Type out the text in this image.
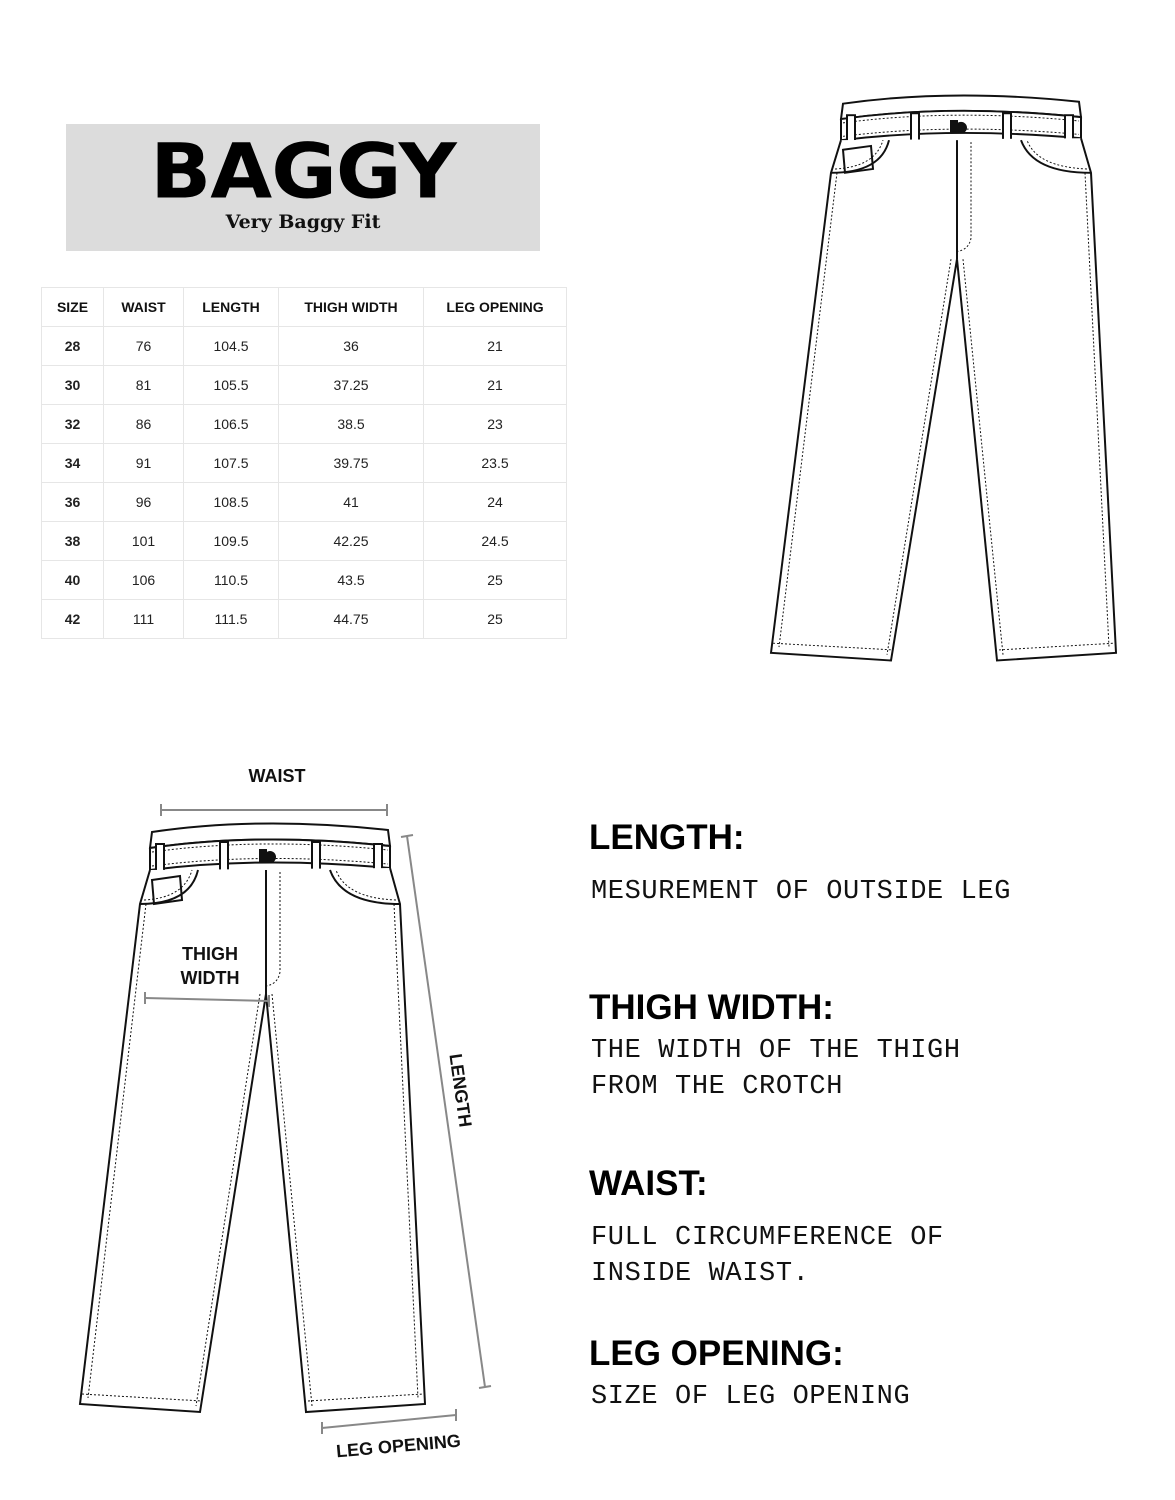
BAGGY
Very Baggy Fit
SIZE	WAIST	LENGTH	THIGH WIDTH	LEG OPENING
28	76	104.5	36	21
30	81	105.5	37.25	21
32	86	106.5	38.5	23
34	91	107.5	39.75	23.5
36	96	108.5	41	24
38	101	109.5	42.25	24.5
40	106	110.5	43.5	25
42	111	111.5	44.75	25
WAIST
THIGH
WIDTH
LENGTH
LEG OPENING
LENGTH:
MESUREMENT OF OUTSIDE LEG
THIGH WIDTH:
THE WIDTH OF THE THIGH
FROM THE CROTCH
WAIST:
FULL CIRCUMFERENCE OF
INSIDE WAIST.
LEG OPENING:
SIZE OF LEG OPENING
